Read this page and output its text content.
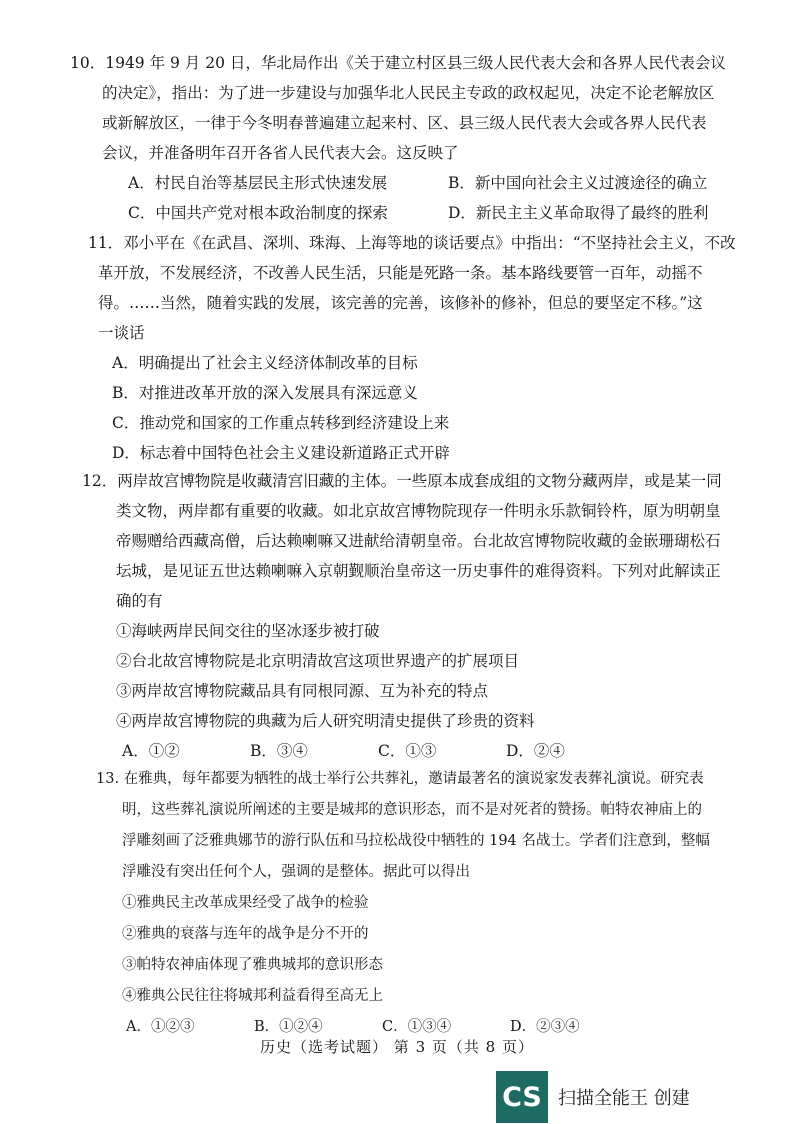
10．1949 年 9 月 20 日，华北局作出《关于建立村区县三级人民代表大会和各界人民代表会议
的决定》，指出：为了进一步建设与加强华北人民民主专政的政权起见，决定不论老解放区
或新解放区，一律于今冬明春普遍建立起来村、区、县三级人民代表大会或各界人民代表
会议，并准备明年召开各省人民代表大会。这反映了
A．村民自治等基层民主形式快速发展	B．新中国向社会主义过渡途径的确立
C．中国共产党对根本政治制度的探索	D．新民主主义革命取得了最终的胜利
11．邓小平在《在武昌、深圳、珠海、上海等地的谈话要点》中指出：“不坚持社会主义，不改
革开放，不发展经济，不改善人民生活，只能是死路一条。基本路线要管一百年，动摇不
得。……当然，随着实践的发展，该完善的完善，该修补的修补，但总的要坚定不移。”这
一谈话
A．明确提出了社会主义经济体制改革的目标
B．对推进改革开放的深入发展具有深远意义
C．推动党和国家的工作重点转移到经济建设上来
D．标志着中国特色社会主义建设新道路正式开辟
12．两岸故宫博物院是收藏清宫旧藏的主体。一些原本成套成组的文物分藏两岸，或是某一同
类文物，两岸都有重要的收藏。如北京故宫博物院现存一件明永乐款铜铃杵，原为明朝皇
帝赐赠给西藏高僧，后达赖喇嘛又进献给清朝皇帝。台北故宫博物院收藏的金嵌珊瑚松石
坛城，是见证五世达赖喇嘛入京朝觐顺治皇帝这一历史事件的难得资料。下列对此解读正
确的有
①海峡两岸民间交往的坚冰逐步被打破
②台北故宫博物院是北京明清故宫这项世界遗产的扩展项目
③两岸故宫博物院藏品具有同根同源、互为补充的特点
④两岸故宫博物院的典藏为后人研究明清史提供了珍贵的资料
A．①②	B．③④	C．①③	D．②④
13. 在雅典，每年都要为牺牲的战士举行公共葬礼，邀请最著名的演说家发表葬礼演说。研究表
明，这些葬礼演说所阐述的主要是城邦的意识形态，而不是对死者的赞扬。帕特农神庙上的
浮雕刻画了泛雅典娜节的游行队伍和马拉松战役中牺牲的 194 名战士。学者们注意到，整幅
浮雕没有突出任何个人，强调的是整体。据此可以得出
①雅典民主改革成果经受了战争的检验
②雅典的衰落与连年的战争是分不开的
③帕特农神庙体现了雅典城邦的意识形态
④雅典公民往往将城邦利益看得至高无上
A．①②③	B．①②④	C．①③④	D．②③④
历史（选考试题） 第 3 页（共 8 页）
CS 扫描全能王 创建
